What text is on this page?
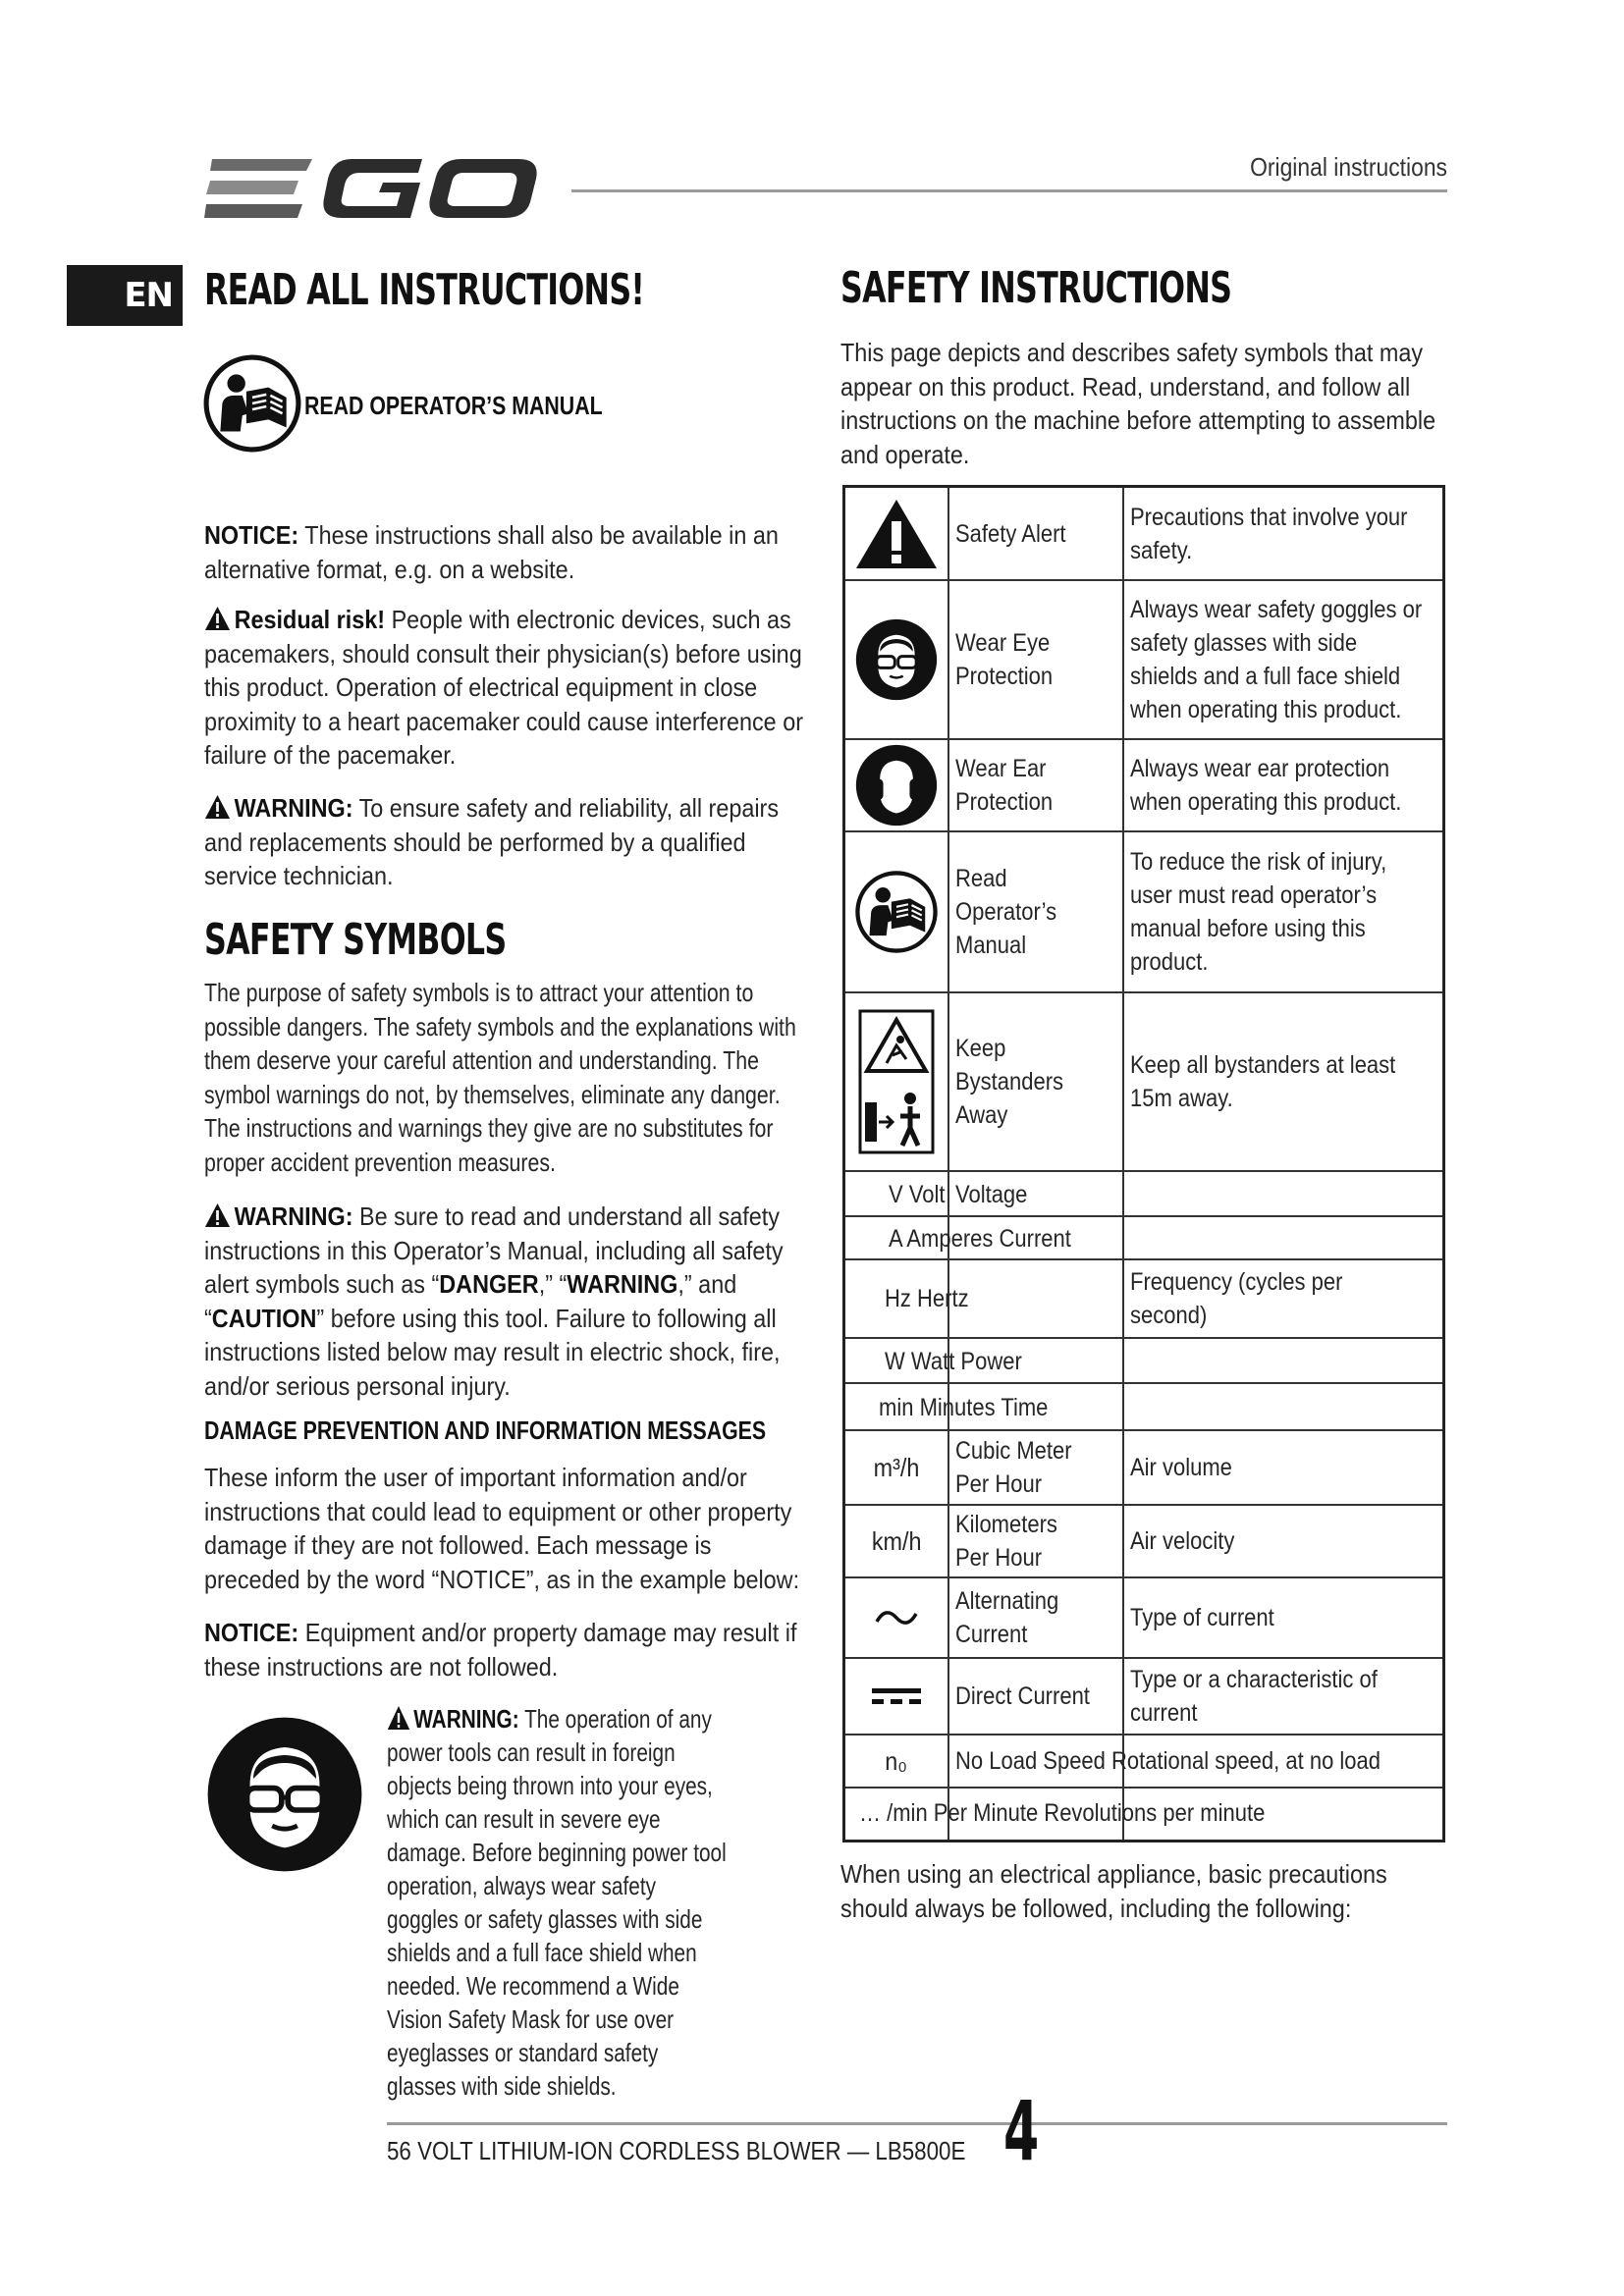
Original instructions
EN READ ALL INSTRUCTIONS!
READ OPERATOR’S MANUAL

NOTICE: These instructions shall also be available in an alternative format, e.g. on a website.

Residual risk! People with electronic devices, such as pacemakers, should consult their physician(s) before using this product. Operation of electrical equipment in close proximity to a heart pacemaker could cause interference or failure of the pacemaker.

WARNING: To ensure safety and reliability, all repairs and replacements should be performed by a qualified service technician.

SAFETY SYMBOLS

The purpose of safety symbols is to attract your attention to possible dangers. The safety symbols and the explanations with them deserve your careful attention and understanding. The symbol warnings do not, by themselves, eliminate any danger. The instructions and warnings they give are no substitutes for proper accident prevention measures.

WARNING: Be sure to read and understand all safety instructions in this Operator’s Manual, including all safety alert symbols such as “DANGER,” “WARNING,” and “CAUTION” before using this tool. Failure to following all instructions listed below may result in electric shock, fire, and/or serious personal injury.

DAMAGE PREVENTION AND INFORMATION MESSAGES

These inform the user of important information and/or instructions that could lead to equipment or other property damage if they are not followed. Each message is preceded by the word “NOTICE”, as in the example below:

NOTICE: Equipment and/or property damage may result if these instructions are not followed.

WARNING: The operation of any power tools can result in foreign objects being thrown into your eyes, which can result in severe eye damage. Before beginning power tool operation, always wear safety goggles or safety glasses with side shields and a full face shield when needed. We recommend a Wide Vision Safety Mask for use over eyeglasses or standard safety glasses with side shields.

SAFETY INSTRUCTIONS

This page depicts and describes safety symbols that may appear on this product. Read, understand, and follow all instructions on the machine before attempting to assemble and operate.

Safety Alert
Precautions that involve your safety.
Wear Eye Protection
Always wear safety goggles or safety glasses with side shields and a full face shield when operating this product.
Wear Ear Protection
Always wear ear protection when operating this product.
Read Operator’s Manual
To reduce the risk of injury, user must read operator’s manual before using this product.
Keep Bystanders Away
Keep all bystanders at least 15m away.
V Volt Voltage
A Amperes Current
Frequency (cycles per second)
Hz Hertz
W Watt Power
min Minutes Time
m³/h
Cubic Meter Per Hour
Air volume
km/h
Kilometers Per Hour
Air velocity
Alternating Current
Type of current
Direct Current
Type or a characteristic of current
n₀ No Load Speed Rotational speed, at no load
… /min Per Minute Revolutions per minute

When using an electrical appliance, basic precautions should always be followed, including the following:

56 VOLT LITHIUM-ION CORDLESS BLOWER — LB5800E 4
